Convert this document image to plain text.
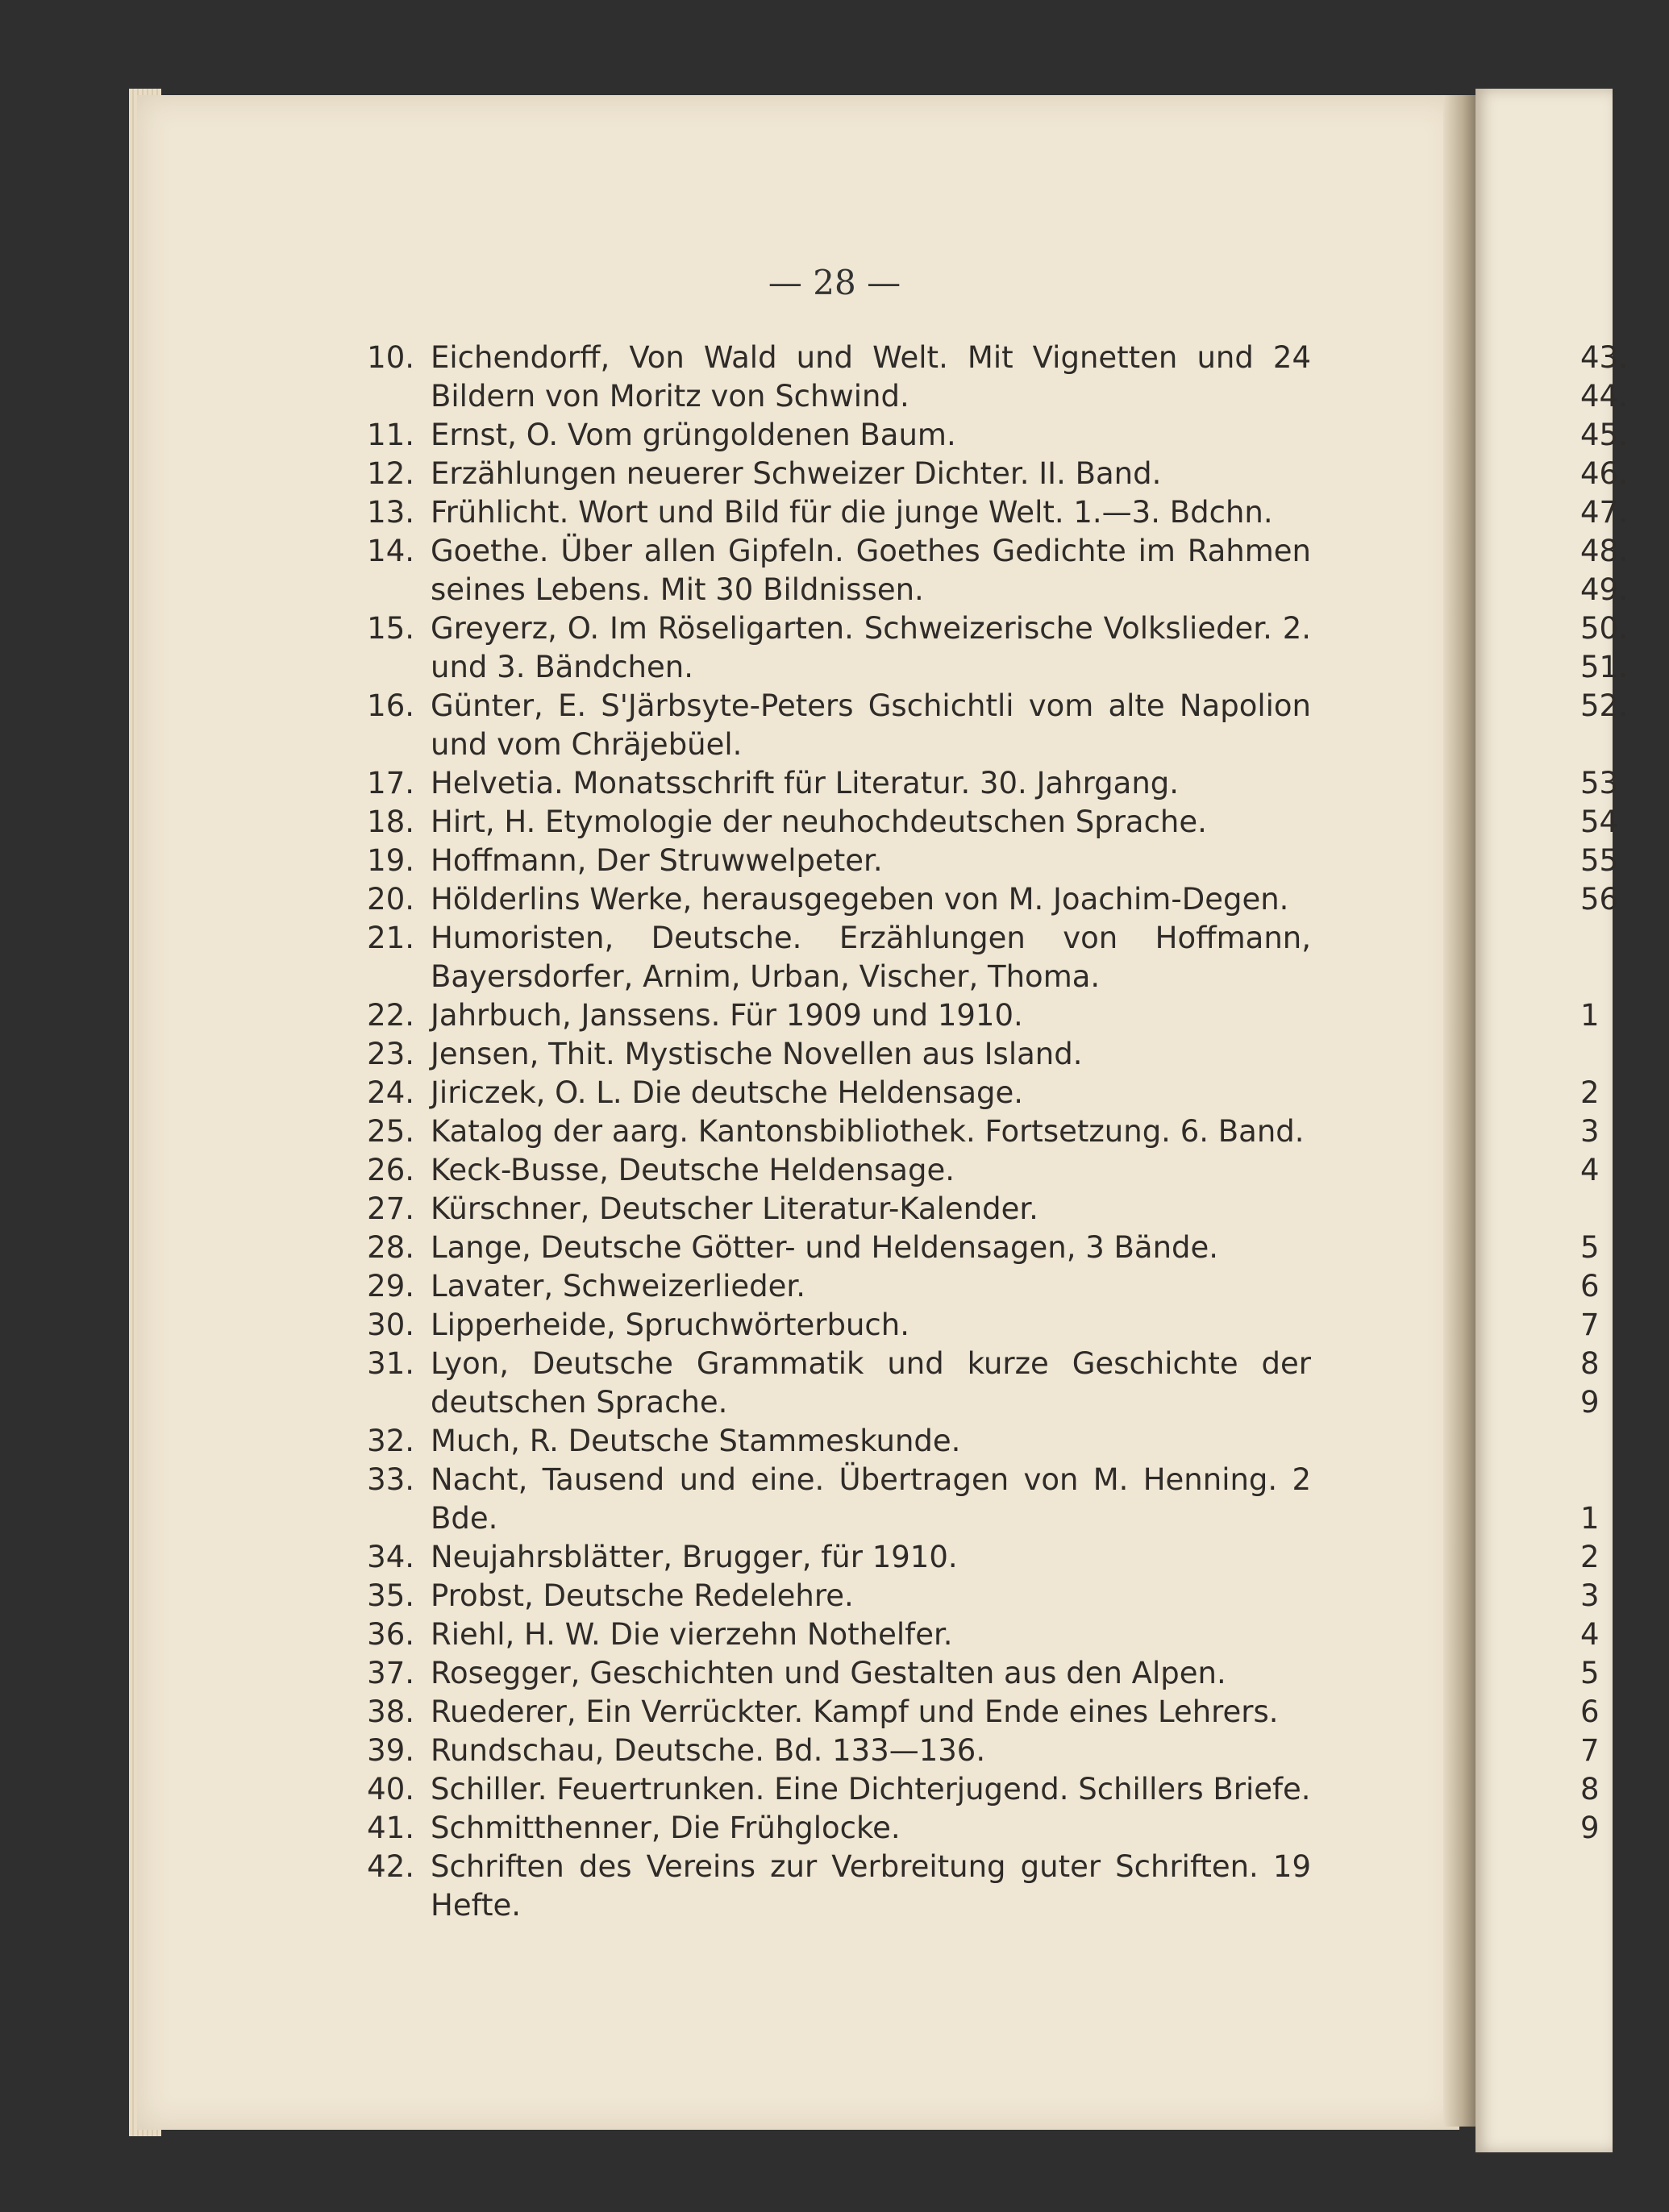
— 28 —
10. Eichendorff, Von Wald und Welt. Mit Vignetten und 24 Bildern von Moritz von Schwind.
11. Ernst, O. Vom grüngoldenen Baum.
12. Erzählungen neuerer Schweizer Dichter. II. Band.
13. Frühlicht. Wort und Bild für die junge Welt. 1.—3. Bdchn.
14. Goethe. Über allen Gipfeln. Goethes Gedichte im Rahmen seines Lebens. Mit 30 Bildnissen.
15. Greyerz, O. Im Röseligarten. Schweizerische Volkslieder. 2. und 3. Bändchen.
16. Günter, E. S'Järbsyte-Peters Gschichtli vom alte Napolion und vom Chräjebüel.
17. Helvetia. Monatsschrift für Literatur. 30. Jahrgang.
18. Hirt, H. Etymologie der neuhochdeutschen Sprache.
19. Hoffmann, Der Struwwelpeter.
20. Hölderlins Werke, herausgegeben von M. Joachim-Degen.
21. Humoristen, Deutsche. Erzählungen von Hoffmann, Bayersdorfer, Arnim, Urban, Vischer, Thoma.
22. Jahrbuch, Janssens. Für 1909 und 1910.
23. Jensen, Thit. Mystische Novellen aus Island.
24. Jiriczek, O. L. Die deutsche Heldensage.
25. Katalog der aarg. Kantonsbibliothek. Fortsetzung. 6. Band.
26. Keck-Busse, Deutsche Heldensage.
27. Kürschner, Deutscher Literatur-Kalender.
28. Lange, Deutsche Götter- und Heldensagen, 3 Bände.
29. Lavater, Schweizerlieder.
30. Lipperheide, Spruchwörterbuch.
31. Lyon, Deutsche Grammatik und kurze Geschichte der deutschen Sprache.
32. Much, R. Deutsche Stammeskunde.
33. Nacht, Tausend und eine. Übertragen von M. Henning. 2 Bde.
34. Neujahrsblätter, Brugger, für 1910.
35. Probst, Deutsche Redelehre.
36. Riehl, H. W. Die vierzehn Nothelfer.
37. Rosegger, Geschichten und Gestalten aus den Alpen.
38. Ruederer, Ein Verrückter. Kampf und Ende eines Lehrers.
39. Rundschau, Deutsche. Bd. 133—136.
40. Schiller. Feuertrunken. Eine Dichterjugend. Schillers Briefe.
41. Schmitthenner, Die Frühglocke.
42. Schriften des Vereins zur Verbreitung guter Schriften. 19 Hefte.
43.
44.
45.
46.
47.
48.
49.
50.
51.
52.
53
54
55
56
1
2
3
4
5
6
7
8
9
1
2
3
4
5
6
7
8
9
